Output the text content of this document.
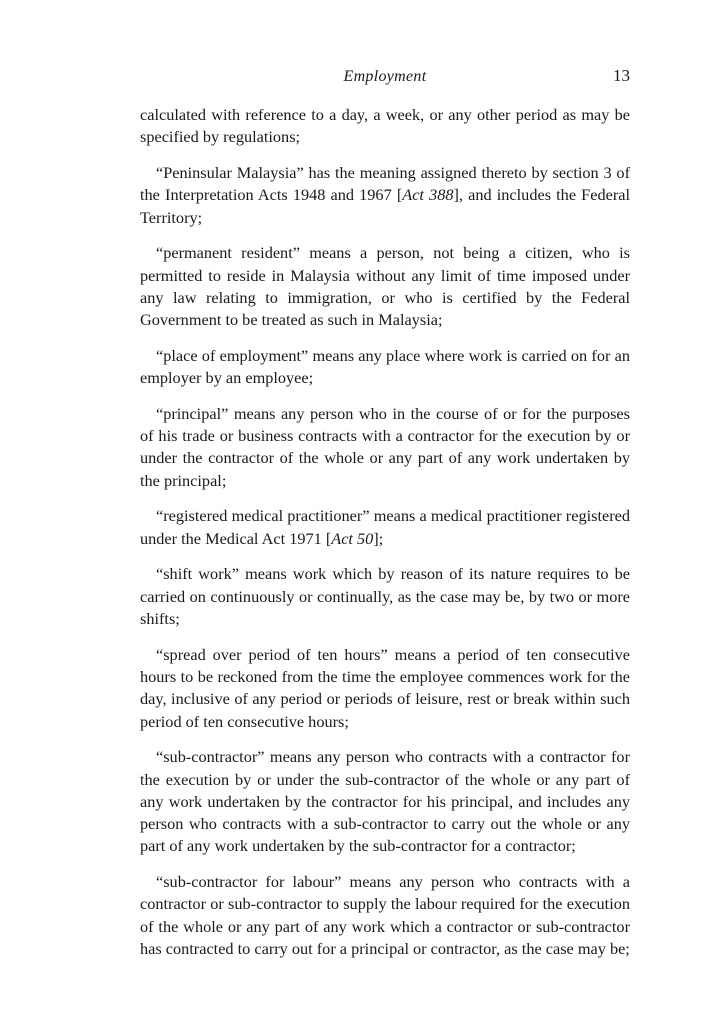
Employment	13

calculated with reference to a day, a week, or any other period as may be specified by regulations;

“Peninsular Malaysia” has the meaning assigned thereto by section 3 of the Interpretation Acts 1948 and 1967 [Act 388], and includes the Federal Territory;

“permanent resident” means a person, not being a citizen, who is permitted to reside in Malaysia without any limit of time imposed under any law relating to immigration, or who is certified by the Federal Government to be treated as such in Malaysia;

“place of employment” means any place where work is carried on for an employer by an employee;

“principal” means any person who in the course of or for the purposes of his trade or business contracts with a contractor for the execution by or under the contractor of the whole or any part of any work undertaken by the principal;

“registered medical practitioner” means a medical practitioner registered under the Medical Act 1971 [Act 50];

“shift work” means work which by reason of its nature requires to be carried on continuously or continually, as the case may be, by two or more shifts;

“spread over period of ten hours” means a period of ten consecutive hours to be reckoned from the time the employee commences work for the day, inclusive of any period or periods of leisure, rest or break within such period of ten consecutive hours;

“sub-contractor” means any person who contracts with a contractor for the execution by or under the sub-contractor of the whole or any part of any work undertaken by the contractor for his principal, and includes any person who contracts with a sub-contractor to carry out the whole or any part of any work undertaken by the sub-contractor for a contractor;

“sub-contractor for labour” means any person who contracts with a contractor or sub-contractor to supply the labour required for the execution of the whole or any part of any work which a contractor or sub-contractor has contracted to carry out for a principal or contractor, as the case may be;
